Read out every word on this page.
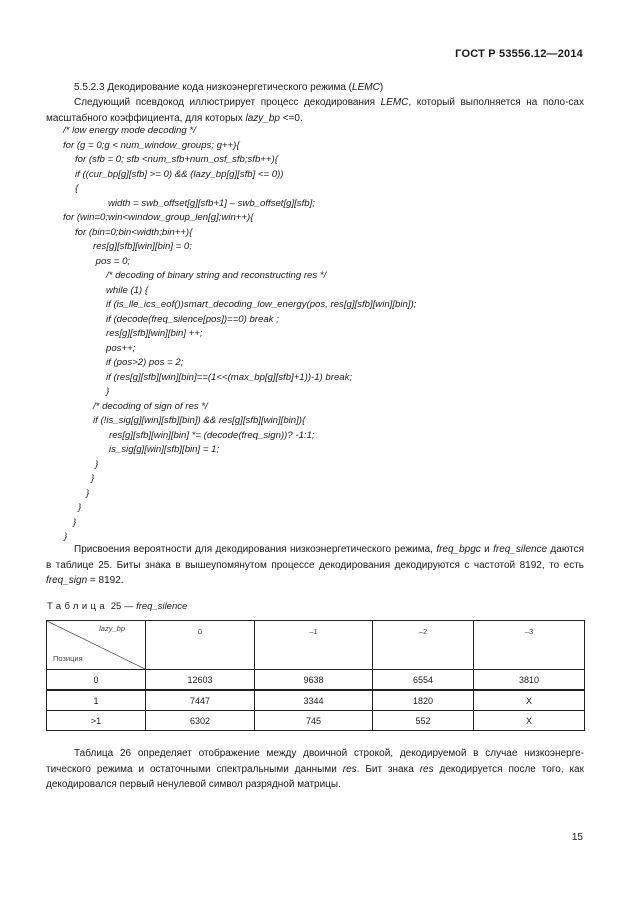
ГОСТ Р 53556.12—2014

5.5.2.3 Декодирование кода низкоэнергетического режима (LEMC)

Следующий псевдокод иллюстрирует процесс декодирования LEMC, который выполняется на поло-сах масштабного коэффициента, для которых lazy_bp <=0.

/* low energy mode decoding */
for (g = 0;g < num_window_groups; g++){
for (sfb = 0; sfb <num_sfb+num_osf_sfb;sfb++){
if ((cur_bp[g][sfb] >= 0) && (lazy_bp[g][sfb] <= 0))
{
width = swb_offset[g][sfb+1] – swb_offset[g][sfb];
for (win=0;win<window_group_len[g];win++){
for (bin=0;bin<width;bin++){
res[g][sfb][win][bin] = 0;
pos = 0;
/* decoding of binary string and reconstructing res */
while (1) {
if (is_lle_ics_eof())smart_decoding_low_energy(pos, res[g][sfb][win][bin]);
if (decode(freq_silence[pos])==0) break ;
res[g][sfb][win][bin] ++;
pos++;
if (pos>2) pos = 2;
if (res[g][sfb][win][bin]==(1<<(max_bp[g][sfb]+1))-1) break;
}
/* decoding of sign of res */
if (!is_sig[g][win][sfb][bin]) && res[g][sfb][win][bin]){
res[g][sfb][win][bin] *= (decode(freq_sign))? -1:1;
is_sig[g][win][sfb][bin] = 1;
}
}
}
}
}
}

Присвоения вероятности для декодирования низкоэнергетического режима, freq_bpgc и freq_silence даются в таблице 25. Биты знака в вышеупомянутом процессе декодирования декодируются с частотой 8192, то есть freq_sign = 8192.

Таблица 25 — freq_silence
lazy_bp
Позиция	0	–1	–2	–3
0	12603	9638	6554	3810
1	7447	3344	1820	X
>1	6302	745	552	X

Таблица 26 определяет отображение между двоичной строкой, декодируемой в случае низкоэнерге-тического режима и остаточными спектральными данными res. Бит знака res декодируется после того, как декодировался первый ненулевой символ разрядной матрицы.

15
